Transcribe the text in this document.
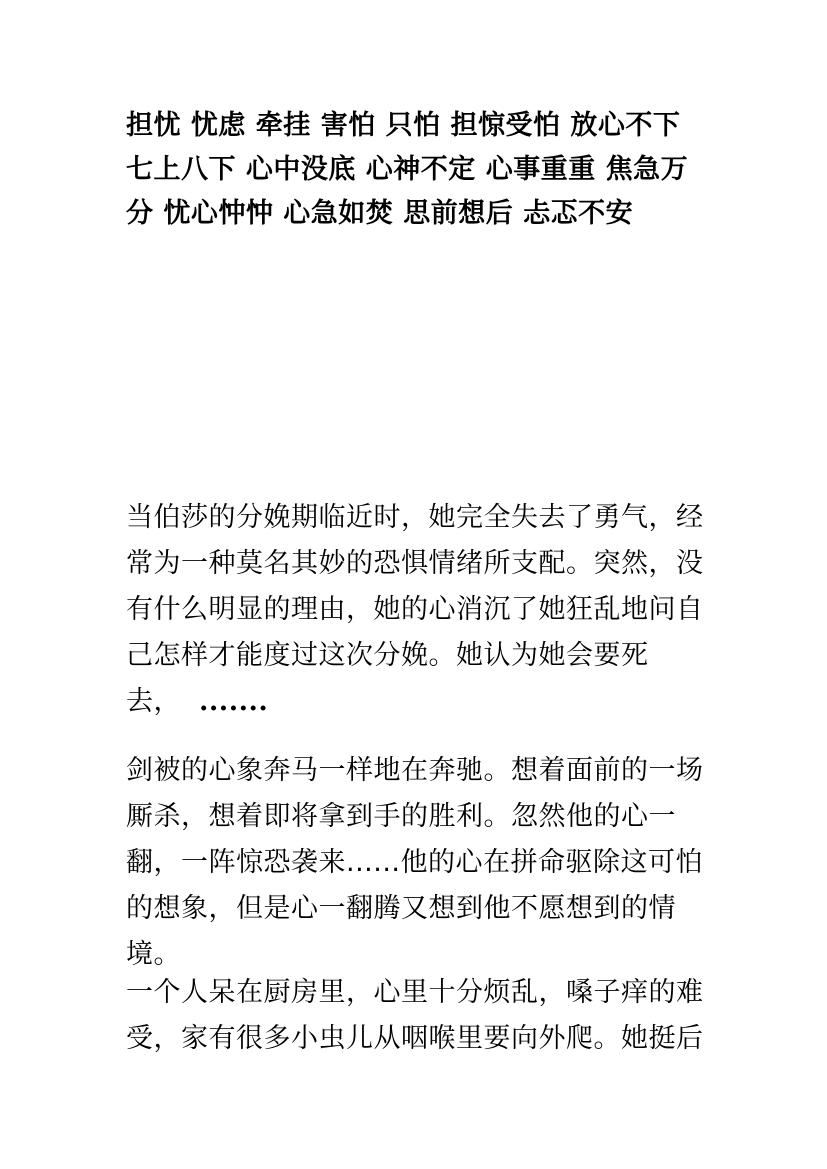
担忧 忧虑 牵挂 害怕 只怕 担惊受怕 放心不下 七上八下 心中没底 心神不定 心事重重 焦急万分 忧心忡忡 心急如焚 思前想后 忐忑不安

当伯莎的分娩期临近时，她完全失去了勇气，经常为一种莫名其妙的恐惧情绪所支配。突然，没有什么明显的理由，她的心消沉了她狂乱地问自己怎样才能度过这次分娩。她认为她会要死去， .......

剑被的心象奔马一样地在奔驰。想着面前的一场厮杀，想着即将拿到手的胜利。忽然他的心一翻，一阵惊恐袭来......他的心在拼命驱除这可怕的想象，但是心一翻腾又想到他不愿想到的情境。

一个人呆在厨房里，心里十分烦乱，嗓子痒的难受，家有很多小虫儿从咽喉里要向外爬。她挺后
